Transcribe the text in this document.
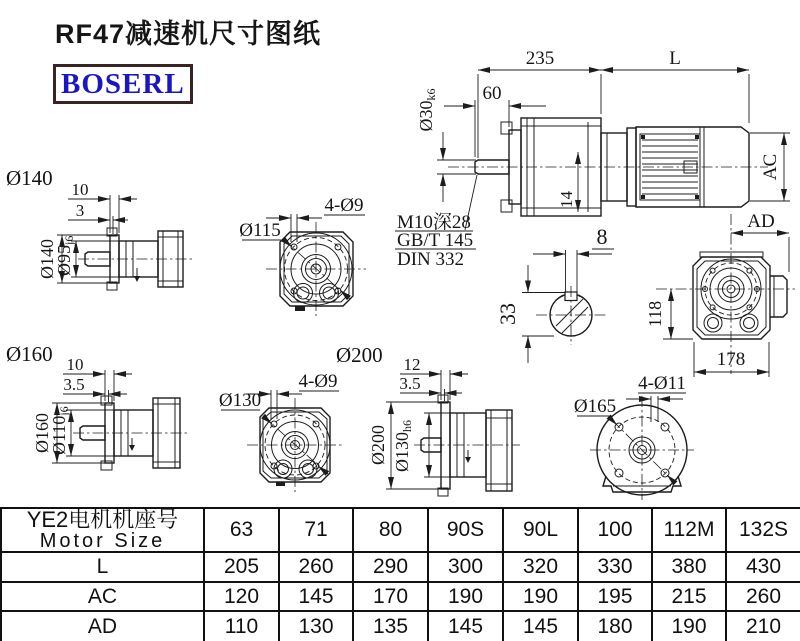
RF47减速机尺寸图纸
BOSERL
Ø140
Ø160	Ø200
235	L
60
Ø30k6
14
AC
AD
M10深28
GB/T 145
DIN 332
8
33	118
178
10
3
Ø140
Ø95j6	Ø115
4-Ø9
10
3.5
Ø160
Ø110j6	Ø130
4-Ø9
12
3.5
Ø200 Ø130h6
Ø165
4-Ø11
YE2电机机座号
Motor Size	63	71	80	90S	90L	100	112M	132S
L	205	260	290	300	320	330	380	430
AC	120	145	170	190	190	195	215	260
AD	110	130	135	145	145	180	190	210
